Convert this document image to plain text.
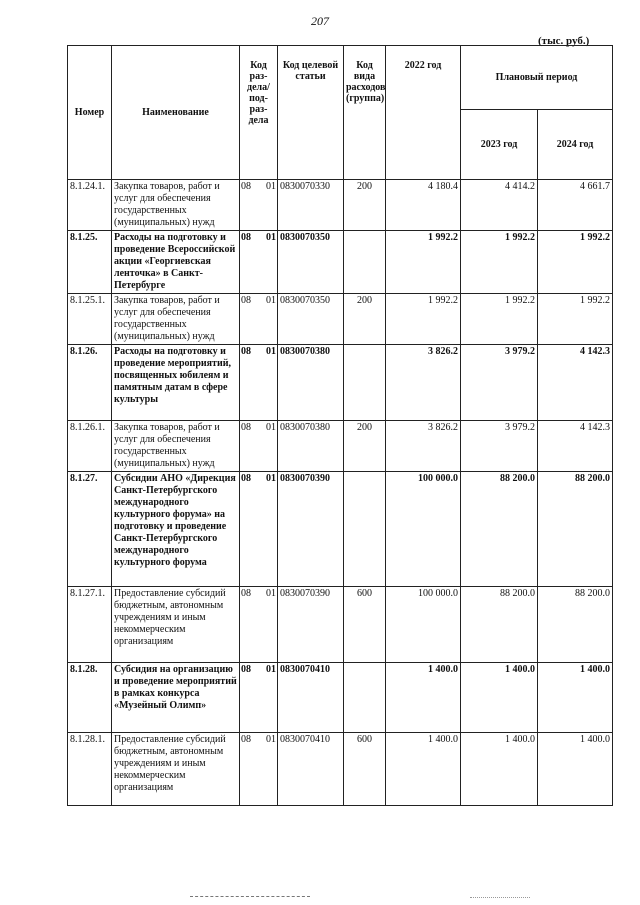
207
(тыс. руб.)
Номер	Наименование	Код раз- дела/ под- раз- дела	Код целевой статьи	Код вида расходов (группа)	2022 год	Плановый период	
						2023 год	2024 год
8.1.24.1.	Закупка товаров, работ и услуг для обеспечения государственных (муниципальных) нужд	08 01	0830070330	200	4 180.4	4 414.2	4 661.7
8.1.25.	Расходы на подготовку и проведение Всероссийской акции «Георгиевская ленточка» в Санкт-Петербурге	08 01	0830070350		1 992.2	1 992.2	1 992.2
8.1.25.1.	Закупка товаров, работ и услуг для обеспечения государственных (муниципальных) нужд	08 01	0830070350	200	1 992.2	1 992.2	1 992.2
8.1.26.	Расходы на подготовку и проведение мероприятий, посвященных юбилеям и памятным датам в сфере культуры	08 01	0830070380		3 826.2	3 979.2	4 142.3
8.1.26.1.	Закупка товаров, работ и услуг для обеспечения государственных (муниципальных) нужд	08 01	0830070380	200	3 826.2	3 979.2	4 142.3
8.1.27.	Субсидии АНО «Дирекция Санкт-Петербургского международного культурного форума» на подготовку и проведение Санкт-Петербургского международного культурного форума	08 01	0830070390		100 000.0	88 200.0	88 200.0
8.1.27.1.	Предоставление субсидий бюджетным, автономным учреждениям и иным некоммерческим организациям	08 01	0830070390	600	100 000.0	88 200.0	88 200.0
8.1.28.	Субсидия на организацию и проведение мероприятий в рамках конкурса «Музейный Олимп»	08 01	0830070410		1 400.0	1 400.0	1 400.0
8.1.28.1.	Предоставление субсидий бюджетным, автономным учреждениям и иным некоммерческим организациям	08 01	0830070410	600	1 400.0	1 400.0	1 400.0
